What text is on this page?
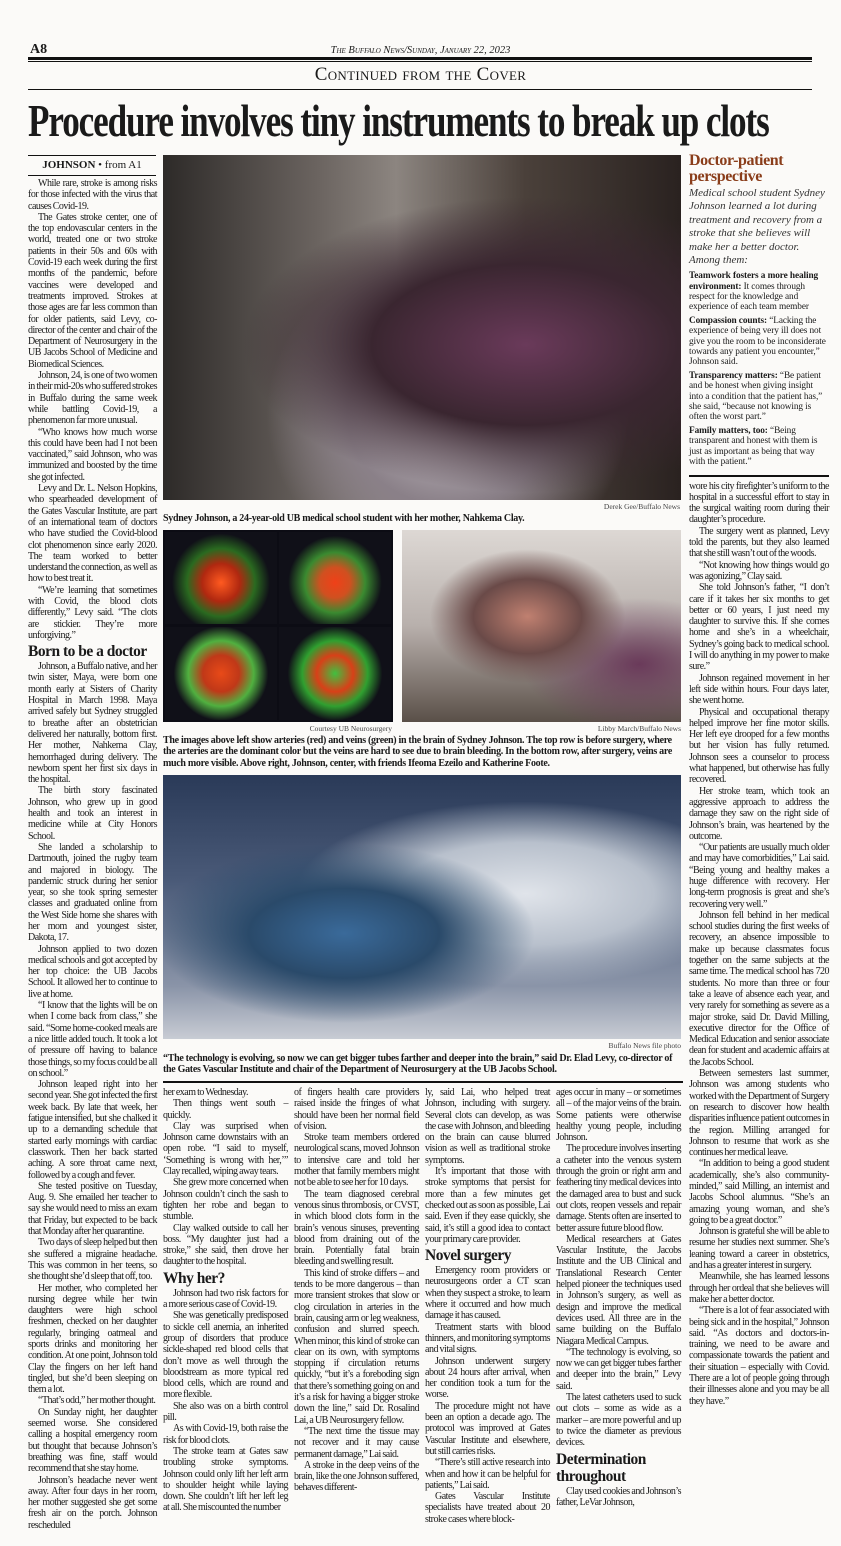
A8	The Buffalo News/Sunday, January 22, 2023
Continued from the Cover
Procedure involves tiny instruments to break up clots
JOHNSON • from A1

While rare, stroke is among risks for those infected with the virus that causes Covid-19.

The Gates stroke center, one of the top endovascular centers in the world, treated one or two stroke patients in their 50s and 60s with Covid-19 each week during the first months of the pandemic, before vaccines were developed and treatments improved. Strokes at those ages are far less common than for older patients, said Levy, co-director of the center and chair of the Department of Neurosurgery in the UB Jacobs School of Medicine and Biomedical Sciences.

Johnson, 24, is one of two women in their mid-20s who suffered strokes in Buffalo during the same week while battling Covid-19, a phenomenon far more unusual.

“Who knows how much worse this could have been had I not been vaccinated,” said Johnson, who was immunized and boosted by the time she got infected.

Levy and Dr. L. Nelson Hopkins, who spearheaded development of the Gates Vascular Institute, are part of an international team of doctors who have studied the Covid-blood clot phenomenon since early 2020. The team worked to better understand the connection, as well as how to best treat it.

“We’re learning that sometimes with Covid, the blood clots differently,” Levy said. “The clots are stickier. They’re more unforgiving.”

Born to be a doctor

Johnson, a Buffalo native, and her twin sister, Maya, were born one month early at Sisters of Charity Hospital in March 1998. Maya arrived safely but Sydney struggled to breathe after an obstetrician delivered her naturally, bottom first. Her mother, Nahkema Clay, hemorrhaged during delivery. The newborn spent her first six days in the hospital.

The birth story fascinated Johnson, who grew up in good health and took an interest in medicine while at City Honors School.

She landed a scholarship to Dartmouth, joined the rugby team and majored in biology. The pandemic struck during her senior year, so she took spring semester classes and graduated online from the West Side home she shares with her mom and youngest sister, Dakota, 17.

Johnson applied to two dozen medical schools and got accepted by her top choice: the UB Jacobs School. It allowed her to continue to live at home.

“I know that the lights will be on when I come back from class,” she said. “Some home-cooked meals are a nice little added touch. It took a lot of pressure off having to balance those things, so my focus could be all on school.”

Johnson leaped right into her second year. She got infected the first week back. By late that week, her fatigue intensified, but she chalked it up to a demanding schedule that started early mornings with cardiac classwork. Then her back started aching. A sore throat came next, followed by a cough and fever.

She tested positive on Tuesday, Aug. 9. She emailed her teacher to say she would need to miss an exam that Friday, but expected to be back that Monday after her quarantine.

Two days of sleep helped but then she suffered a migraine headache. This was common in her teens, so she thought she’d sleep that off, too.

Her mother, who completed her nursing degree while her twin daughters were high school freshmen, checked on her daughter regularly, bringing oatmeal and sports drinks and monitoring her condition. At one point, Johnson told Clay the fingers on her left hand tingled, but she’d been sleeping on them a lot.

“That’s odd,” her mother thought.

On Sunday night, her daughter seemed worse. She considered calling a hospital emergency room but thought that because Johnson’s breathing was fine, staff would recommend that she stay home.

Johnson’s headache never went away. After four days in her room, her mother suggested she get some fresh air on the porch. Johnson rescheduled

Derek Gee/Buffalo News
Sydney Johnson, a 24-year-old UB medical school student with her mother, Nahkema Clay.
Courtesy UB Neurosurgery	Libby March/Buffalo News
The images above left show arteries (red) and veins (green) in the brain of Sydney Johnson. The top row is before surgery, where the arteries are the dominant color but the veins are hard to see due to brain bleeding. In the bottom row, after surgery, veins are much more visible. Above right, Johnson, center, with friends Ifeoma Ezeilo and Katherine Foote.
Buffalo News file photo
“The technology is evolving, so now we can get bigger tubes farther and deeper into the brain,” said Dr. Elad Levy, co-director of the Gates Vascular Institute and chair of the Department of Neurosurgery at the UB Jacobs School.

her exam to Wednesday.

Then things went south – quickly.

Clay was surprised when Johnson came downstairs with an open robe. “I said to myself, ‘Something is wrong with her,’” Clay recalled, wiping away tears.

She grew more concerned when Johnson couldn’t cinch the sash to tighten her robe and began to stumble.

Clay walked outside to call her boss. “My daughter just had a stroke,” she said, then drove her daughter to the hospital.

Why her?

Johnson had two risk factors for a more serious case of Covid-19.

She was genetically predisposed to sickle cell anemia, an inherited group of disorders that produce sickle-shaped red blood cells that don’t move as well through the bloodstream as more typical red blood cells, which are round and more flexible.

She also was on a birth control pill.

As with Covid-19, both raise the risk for blood clots.

The stroke team at Gates saw troubling stroke symptoms. Johnson could only lift her left arm to shoulder height while laying down. She couldn’t lift her left leg at all. She miscounted the number

of fingers health care providers raised inside the fringes of what should have been her normal field of vision.

Stroke team members ordered neurological scans, moved Johnson to intensive care and told her mother that family members might not be able to see her for 10 days.

The team diagnosed cerebral venous sinus thrombosis, or CVST, in which blood clots form in the brain’s venous sinuses, preventing blood from draining out of the brain. Potentially fatal brain bleeding and swelling result.

This kind of stroke differs – and tends to be more dangerous – than more transient strokes that slow or clog circulation in arteries in the brain, causing arm or leg weakness, confusion and slurred speech. When minor, this kind of stroke can clear on its own, with symptoms stopping if circulation returns quickly, “but it’s a foreboding sign that there’s something going on and it’s a risk for having a bigger stroke down the line,” said Dr. Rosalind Lai, a UB Neurosurgery fellow.

“The next time the tissue may not recover and it may cause permanent damage,” Lai said.

A stroke in the deep veins of the brain, like the one Johnson suffered, behaves different-

ly, said Lai, who helped treat Johnson, including with surgery. Several clots can develop, as was the case with Johnson, and bleeding on the brain can cause blurred vision as well as traditional stroke symptoms.

It’s important that those with stroke symptoms that persist for more than a few minutes get checked out as soon as possible, Lai said. Even if they ease quickly, she said, it’s still a good idea to contact your primary care provider.

Novel surgery

Emergency room providers or neurosurgeons order a CT scan when they suspect a stroke, to learn where it occurred and how much damage it has caused.

Treatment starts with blood thinners, and monitoring symptoms and vital signs.

Johnson underwent surgery about 24 hours after arrival, when her condition took a turn for the worse.

The procedure might not have been an option a decade ago. The protocol was improved at Gates Vascular Institute and elsewhere, but still carries risks.

“There’s still active research into when and how it can be helpful for patients,” Lai said.

Gates Vascular Institute specialists have treated about 20 stroke cases where block-

ages occur in many – or sometimes all – of the major veins of the brain. Some patients were otherwise healthy young people, including Johnson.

The procedure involves inserting a catheter into the venous system through the groin or right arm and feathering tiny medical devices into the damaged area to bust and suck out clots, reopen vessels and repair damage. Stents often are inserted to better assure future blood flow.

Medical researchers at Gates Vascular Institute, the Jacobs Institute and the UB Clinical and Translational Research Center helped pioneer the techniques used in Johnson’s surgery, as well as design and improve the medical devices used. All three are in the same building on the Buffalo Niagara Medical Campus.

“The technology is evolving, so now we can get bigger tubes farther and deeper into the brain,” Levy said.

The latest catheters used to suck out clots – some as wide as a marker – are more powerful and up to twice the diameter as previous devices.

Determination throughout

Clay used cookies and Johnson’s father, LeVar Johnson,

Doctor-patient perspective
Medical school student Sydney Johnson learned a lot during treatment and recovery from a stroke that she believes will make her a better doctor. Among them:
Teamwork fosters a more healing environment: It comes through respect for the knowledge and experience of each team member
Compassion counts: “Lacking the experience of being very ill does not give you the room to be inconsiderate towards any patient you encounter,” Johnson said.
Transparency matters: “Be patient and be honest when giving insight into a condition that the patient has,” she said, “because not knowing is often the worst part.”
Family matters, too: “Being transparent and honest with them is just as important as being that way with the patient.”

wore his city firefighter’s uniform to the hospital in a successful effort to stay in the surgical waiting room during their daughter’s procedure.

The surgery went as planned, Levy told the parents, but they also learned that she still wasn’t out of the woods.

“Not knowing how things would go was agonizing,” Clay said.

She told Johnson’s father, “I don’t care if it takes her six months to get better or 60 years, I just need my daughter to survive this. If she comes home and she’s in a wheelchair, Sydney’s going back to medical school. I will do anything in my power to make sure.”

Johnson regained movement in her left side within hours. Four days later, she went home.

Physical and occupational therapy helped improve her fine motor skills. Her left eye drooped for a few months but her vision has fully returned. Johnson sees a counselor to process what happened, but otherwise has fully recovered.

Her stroke team, which took an aggressive approach to address the damage they saw on the right side of Johnson’s brain, was heartened by the outcome.

“Our patients are usually much older and may have comorbidities,” Lai said. “Being young and healthy makes a huge difference with recovery. Her long-term prognosis is great and she’s recovering very well.”

Johnson fell behind in her medical school studies during the first weeks of recovery, an absence impossible to make up because classmates focus together on the same subjects at the same time. The medical school has 720 students. No more than three or four take a leave of absence each year, and very rarely for something as severe as a major stroke, said Dr. David Milling, executive director for the Office of Medical Education and senior associate dean for student and academic affairs at the Jacobs School.

Between semesters last summer, Johnson was among students who worked with the Department of Surgery on research to discover how health disparities influence patient outcomes in the region. Milling arranged for Johnson to resume that work as she continues her medical leave.

“In addition to being a good student academically, she’s also community-minded,” said Milling, an internist and Jacobs School alumnus. “She’s an amazing young woman, and she’s going to be a great doctor.”

Johnson is grateful she will be able to resume her studies next summer. She’s leaning toward a career in obstetrics, and has a greater interest in surgery.

Meanwhile, she has learned lessons through her ordeal that she believes will make her a better doctor.

“There is a lot of fear associated with being sick and in the hospital,” Johnson said. “As doctors and doctors-in-training, we need to be aware and compassionate towards the patient and their situation – especially with Covid. There are a lot of people going through their illnesses alone and you may be all they have.”
